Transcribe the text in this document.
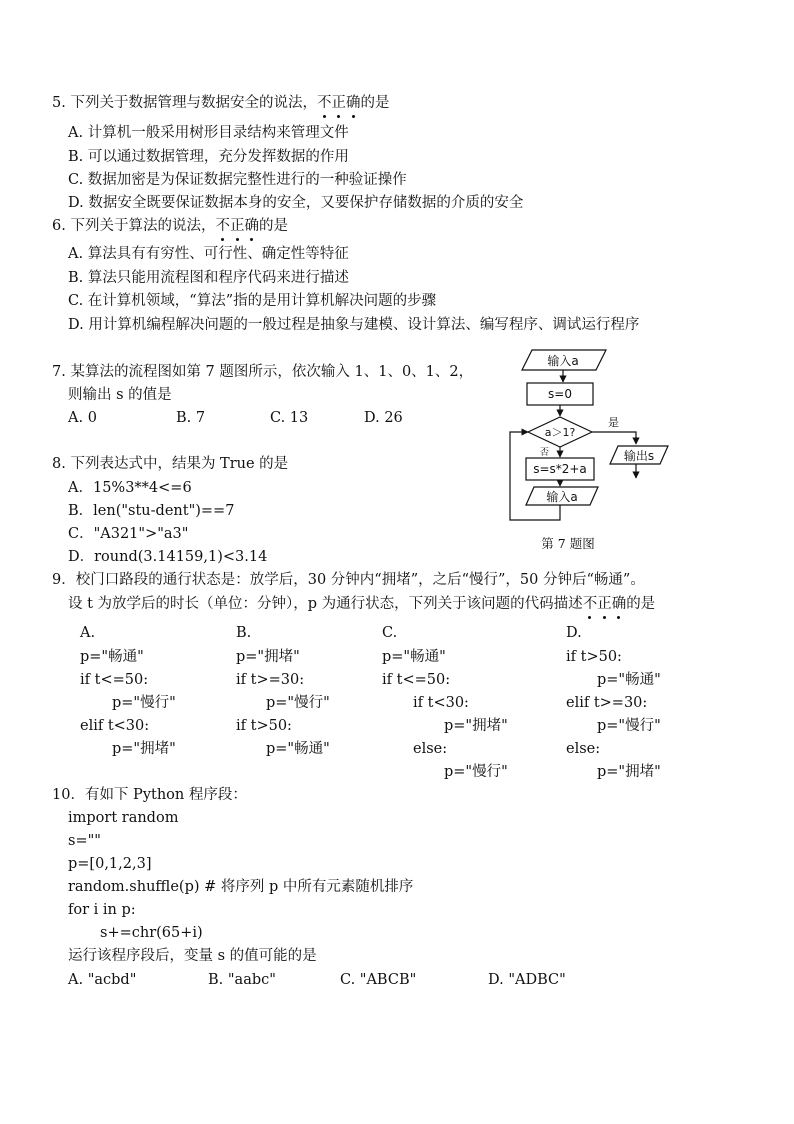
5. 下列关于数据管理与数据安全的说法，不正确的是
A. 计算机一般采用树形目录结构来管理文件
B. 可以通过数据管理，充分发挥数据的作用
C. 数据加密是为保证数据完整性进行的一种验证操作
D. 数据安全既要保证数据本身的安全，又要保护存储数据的介质的安全
6. 下列关于算法的说法，不正确的是
A. 算法具有有穷性、可行性、确定性等特征
B. 算法只能用流程图和程序代码来进行描述
C. 在计算机领域，“算法”指的是用计算机解决问题的步骤
D. 用计算机编程解决问题的一般过程是抽象与建模、设计算法、编写程序、调试运行程序
7. 某算法的流程图如第 7 题图所示，依次输入 1、1、0、1、2，
则输出 s 的值是
A. 0	B. 7	C. 13	D. 26
输入a
s=0
a＞1?
是
输出s
否
s=s*2+a
输入a
第 7 题图
8. 下列表达式中，结果为 True 的是
A．15%3**4<=6
B．len("stu-dent")==7
C．"A321">"a3"
D．round(3.14159,1)<3.14
9．校门口路段的通行状态是：放学后，30 分钟内“拥堵”，之后“慢行”，50 分钟后“畅通”。
设 t 为放学后的时长（单位：分钟），p 为通行状态，下列关于该问题的代码描述不正确的是
A.
p="畅通"
if t<=50:
p="慢行"
elif t<30:
p="拥堵"
B.
p="拥堵"
if t>=30:
p="慢行"
if t>50:
p="畅通"
C.
p="畅通"
if t<=50:
if t<30:
p="拥堵"
else:
p="慢行"
D.
if t>50:
p="畅通"
elif t>=30:
p="慢行"
else:
p="拥堵"
10．有如下 Python 程序段：
import random
s=""
p=[0,1,2,3]
random.shuffle(p) # 将序列 p 中所有元素随机排序
for i in p:
s+=chr(65+i)
运行该程序段后，变量 s 的值可能的是
A. "acbd"	B. "aabc"	C. "ABCB"	D. "ADBC"
